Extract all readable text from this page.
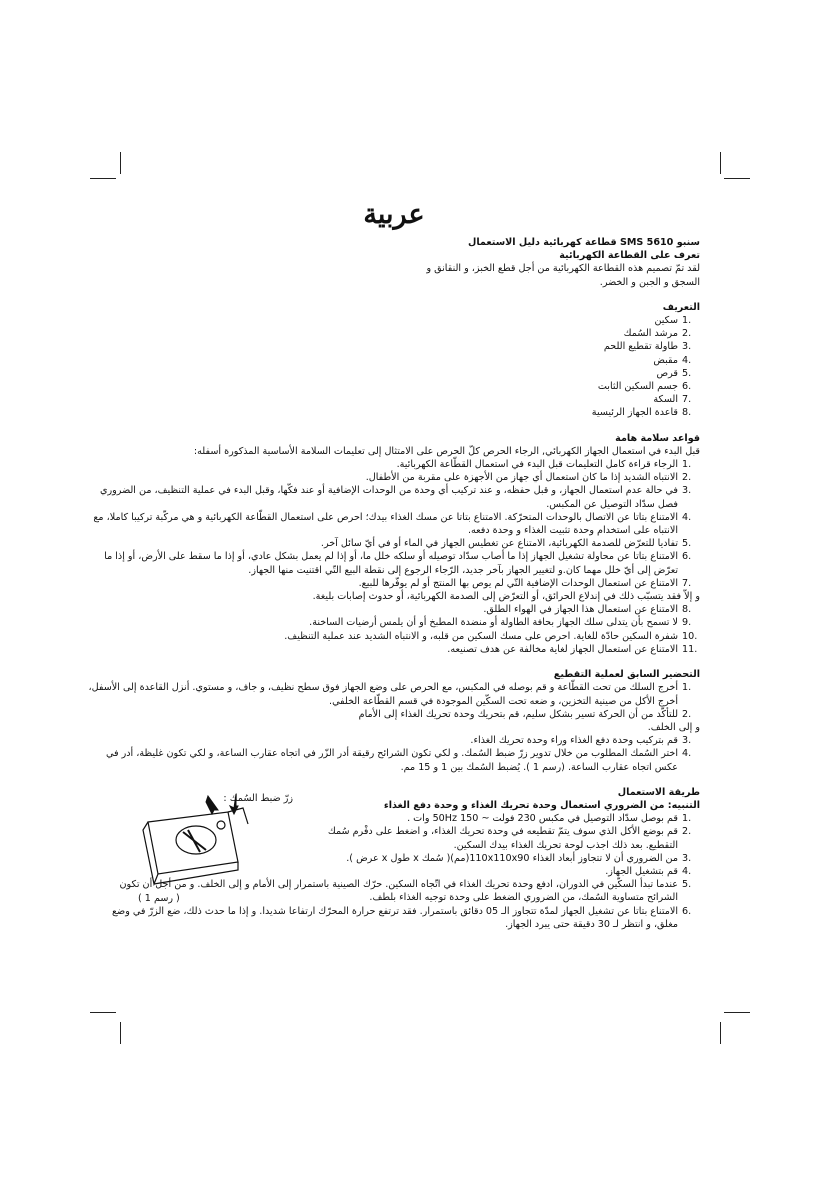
عربية

سنبو SMS 5610 قطاعة كهربائية دليل الاستعمال

تعرف على القطاعة الكهربائية

لقد تمّ تصميم هذه القطاعة الكهربائية من أجل قطع الخبز، و النقانق و السجق و الجبن و الخضر.

التعريف

1.
سكين
2.
مرشد السُمك
3.
طاولة تقطيع اللحم
4.
مقبض
5.
قرص
6.
جسم السكين الثابت
7.
السكة
8.
قاعدة الجهاز الرئيسية

قواعد سلامة هامة

قبل البدء في استعمال الجهاز الكهربائي, الرجاء الحرص كلّ الحرص على الامتثال إلى تعليمات السلامة الأساسية المذكورة أسفله:

1.
الرجاء قراءة كامل التعليمات قبل البدء في استعمال القطّاعة الكهربائية.
2.
الانتباه الشديد إذا ما كان استعمال أي جهاز من الأجهزة على مقربة من الأطفال.
3.
في حالة عدم استعمال الجهاز، و قبل حفظه، و عند تركيب أي وحدة من الوحدات الإضافية أو عند فكّها، وقبل البدء في عملية التنظيف، من الضروري فصل سدّاد التوصيل عن المكبس.
4.
الامتناع بتاتا عن الاتصال بالوحدات المتحرّكة. الامتناع بتاتا عن مسك الغذاء بيدك؛ احرص على استعمال القطّاعة الكهربائية و هي مركّبة تركيبا كاملا، مع الانتباه على استخدام وحدة تثبيت الغذاء و وحدة دفعه.
5.
تفاديا للتعرّض للصدمة الكهربائية، الامتناع عن تغطيس الجهاز في الماء أو في أيّ سائل آخر.
6.
الامتناع بتاتا عن محاولة تشغيل الجهاز إذا ما أصاب سدّاد توصيله أو سلكه خلل ما، أو إذا لم يعمل بشكل عادي، أو إذا ما سقط على الأرض، أو إذا ما تعرّض إلى أيّ خلل مهما كان.و لتغيير الجهاز بآخر جديد، الرّجاء الرجوع إلى نقطة البيع التّي اقتنيت منها الجهاز.
7.
الامتناع عن استعمال الوحدات الإضافية التّي لم يوص بها المنتج أو لم يوفّرها للبيع.
و إلاّ فقد يتسبّب ذلك في إندلاع الحرائق، أو التعرّض إلى الصدمة الكهربائية، أو حدوث إصابات بليغة.
8.
الامتناع عن استعمال هذا الجهاز في الهواء الطلق.
9.
لا تسمح بأن يتدلى سلك الجهاز بحافة الطاولة أو منضدة المطبخ أو أن يلمس أرضيات الساخنة.
10.
شفرة السكين حادّة للغاية. احرص على مسك السكين من قلبه، و الانتباه الشديد عند عملية التنظيف.
11.
الامتناع عن استعمال الجهاز لغاية مخالفة عن هدف تصنيعه.

التحضير السابق لعملية التقطيع

1.
أخرج السلك من تحت القطّاعة و قم بوصله في المكبس، مع الحرص على وضع الجهاز فوق سطح نظيف، و جاف، و مستوي. أنزل القاعدة إلى الأسفل، أخرج الأكل من صينية التخزين، و ضعه تحت السكّين الموجودة في قسم القطّاعة الخلفي.
2.
للتأكّد من أن الحركة تسير بشكل سليم، قم بتحريك وحدة تحريك الغذاء إلى الأمام
و إلى الخلف.
3.
قم بتركيب وحدة دفع الغذاء وراء وحدة تحريك الغذاء.
4.
اختر السُمك المطلوب من خلال تدوير زرّ ضبط السُمك. و لكي تكون الشرائح رقيقة أدر الزّر في اتجاه عقارب الساعة، و لكي تكون غليظة، أدر في عكس اتجاه عقارب الساعة. (رسم 1 ). يُضبط السُمك بين 1 و 15 مم.
زرّ ضبط السُمك :
( رسم 1 )

طريقة الاستعمال

التنبيه: من الضروري استعمال وحدة تحريك الغذاء و وحدة دفع الغذاء

1.
قم بوصل سدّاد التوصيل في مكبس 230 فولت ~ 50Hz 150 وات .
2.
قم بوضع الأكل الذي سوف يتمّ تقطيعه في وحدة تحريك الغذاء، و اضغط على دفْرم سُمك التقطيع. بعد ذلك اجذب لوحة تحريك الغذاء بيدك السكين.
3.
من الضروري أن لا تتجاوز أبعاد الغذاء 110x110x90(مم)( سُمك x طول x عرض ).
4.
قم بتشغيل الجهاز.
5.
عندما تبدأ السكّين في الدوران، ادفع وحدة تحريك الغذاء في اتّجاه السكين. حرّك الصينية باستمرار إلى الأمام و إلى الخلف. و من أجل أن تكون الشرائح متساوية السُمك، من الضروري الضغط على وحدة توجيه الغذاء بلطف.
6.
الامتناع بتاتا عن تشغيل الجهاز لمدّة تتجاوز الـ 05 دقائق باستمرار. فقد ترتفع حرارة المحرّك ارتفاعا شديدا. و إذا ما حدث ذلك، ضع الزرّ في وضع مغلق، و انتظر لـ 30 دقيقة حتى يبرد الجهاز.
